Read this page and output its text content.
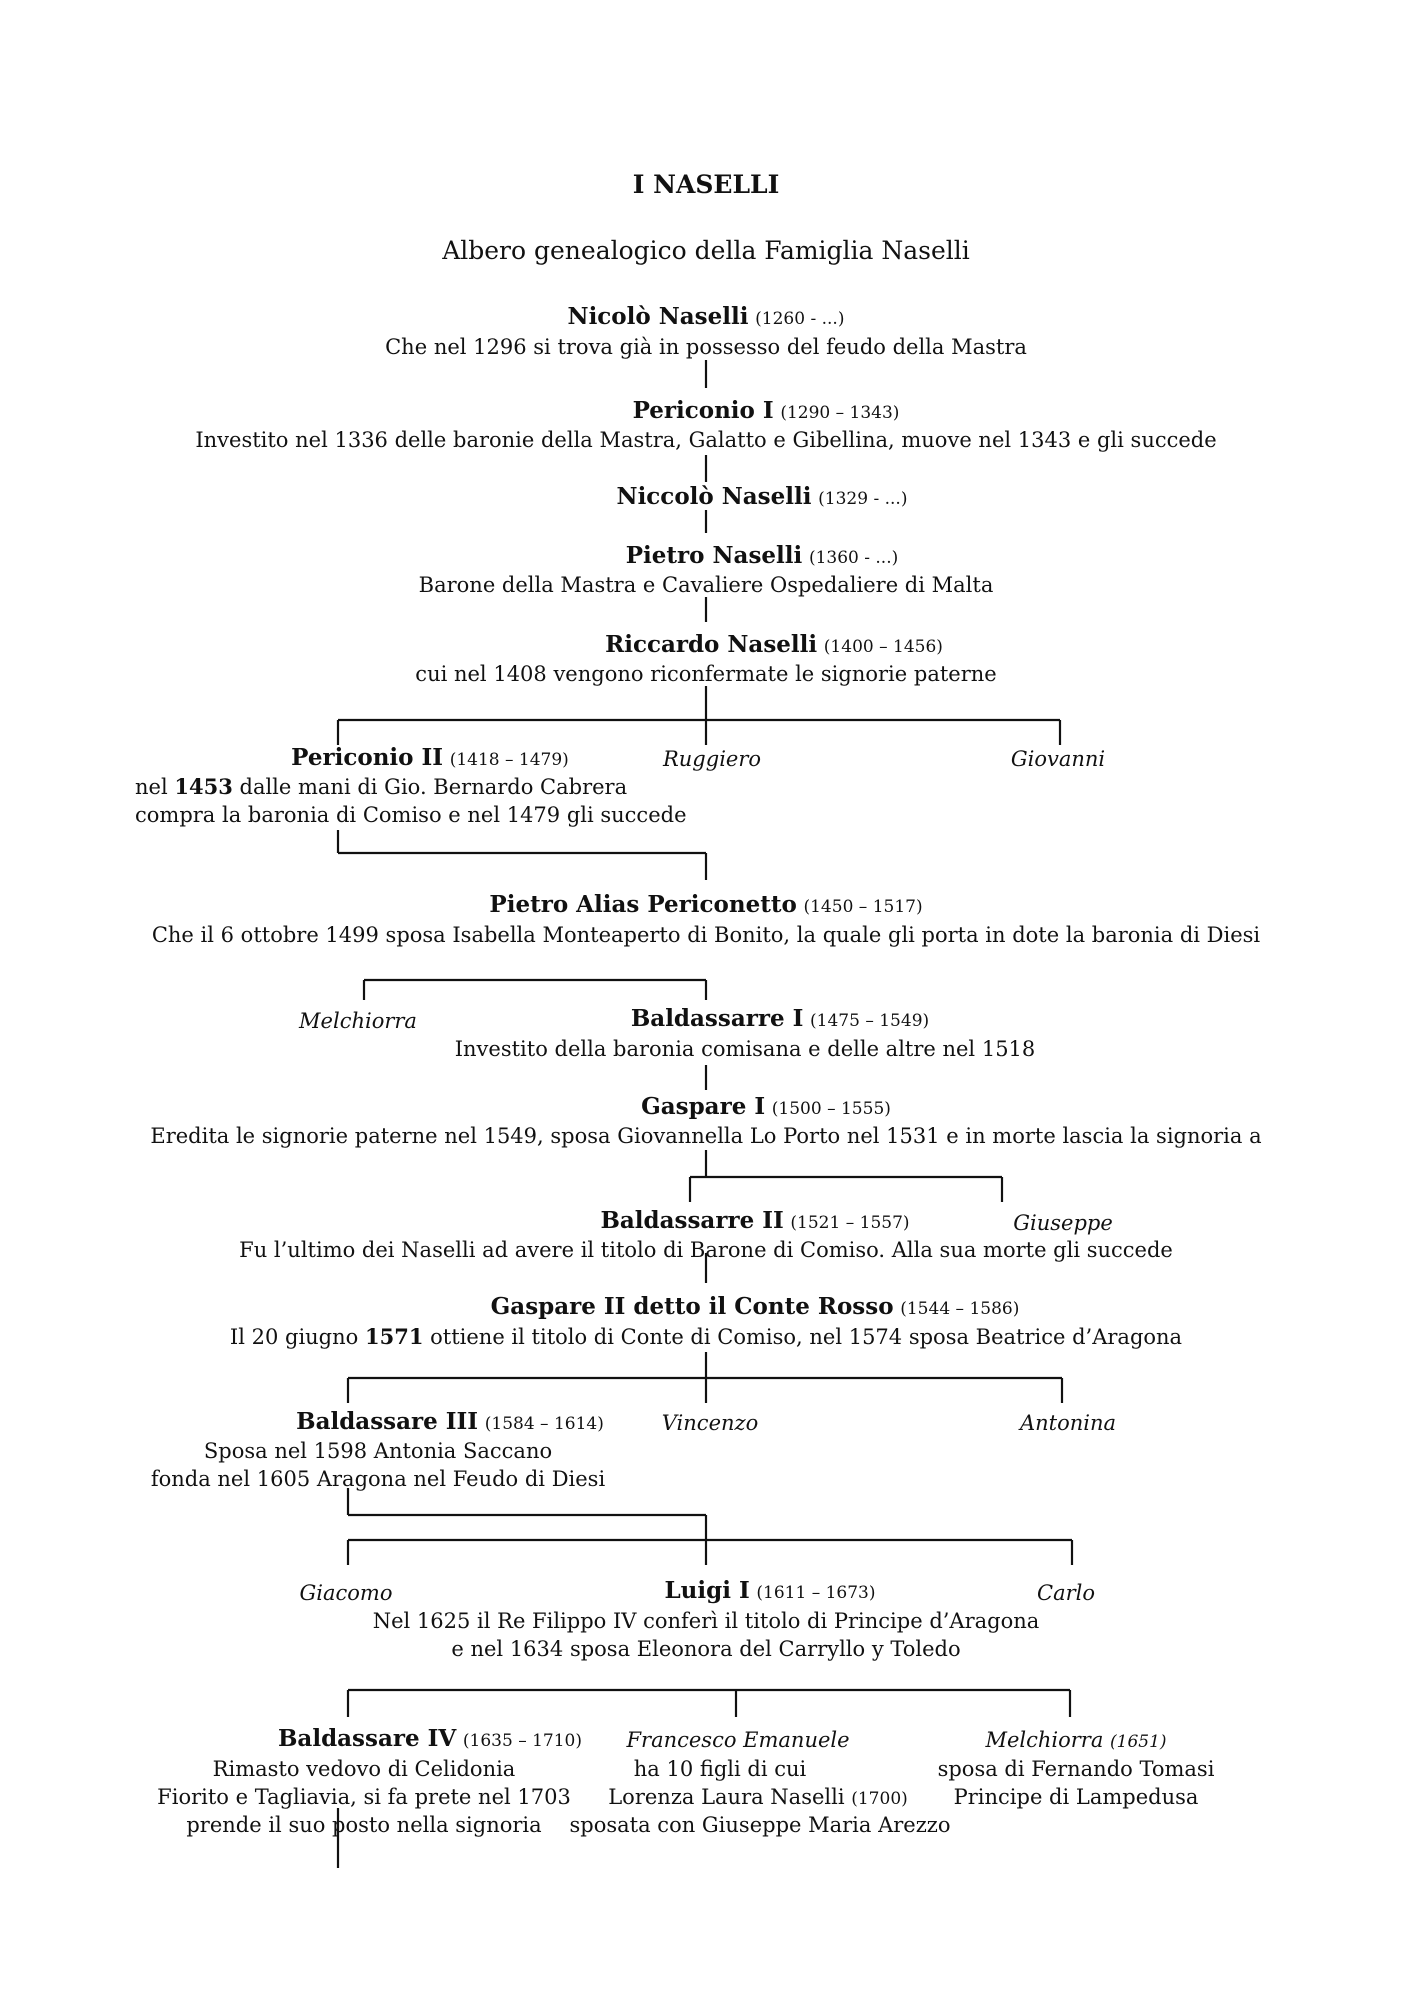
I NASELLI
Albero genealogico della Famiglia Naselli
Nicolò Naselli (1260 - ...)
Che nel 1296 si trova già in possesso del feudo della Mastra
Periconio I (1290 – 1343)
Investito nel 1336 delle baronie della Mastra, Galatto e Gibellina, muove nel 1343 e gli succede
Niccolò Naselli (1329 - ...)
Pietro Naselli (1360 - ...)
Barone della Mastra e Cavaliere Ospedaliere di Malta
Riccardo Naselli (1400 – 1456)
cui nel 1408 vengono riconfermate le signorie paterne
Periconio II (1418 – 1479)
nel 1453 dalle mani di Gio. Bernardo Cabrera
compra la baronia di Comiso e nel 1479 gli succede
Ruggiero	Giovanni
Pietro Alias Periconetto (1450 – 1517)
Che il 6 ottobre 1499 sposa Isabella Monteaperto di Bonito, la quale gli porta in dote la baronia di Diesi
Melchiorra	Baldassarre I (1475 – 1549)
Investito della baronia comisana e delle altre nel 1518
Gaspare I (1500 – 1555)
Eredita le signorie paterne nel 1549, sposa Giovannella Lo Porto nel 1531 e in morte lascia la signoria a
Baldassarre II (1521 – 1557)	Giuseppe
Fu l’ultimo dei Naselli ad avere il titolo di Barone di Comiso. Alla sua morte gli succede
Gaspare II detto il Conte Rosso (1544 – 1586)
Il 20 giugno 1571 ottiene il titolo di Conte di Comiso, nel 1574 sposa Beatrice d’Aragona
Baldassare III (1584 – 1614)
Sposa nel 1598 Antonia Saccano
fonda nel 1605 Aragona nel Feudo di Diesi
Vincenzo	Antonina
Giacomo	Luigi I (1611 – 1673)	Carlo
Nel 1625 il Re Filippo IV conferì il titolo di Principe d’Aragona
e nel 1634 sposa Eleonora del Carryllo y Toledo
Baldassare IV (1635 – 1710)
Rimasto vedovo di Celidonia
Fiorito e Tagliavia, si fa prete nel 1703
prende il suo posto nella signoria
Francesco Emanuele
ha 10 figli di cui
Lorenza Laura Naselli (1700)
sposata con Giuseppe Maria Arezzo
Melchiorra (1651)
sposa di Fernando Tomasi
Principe di Lampedusa
